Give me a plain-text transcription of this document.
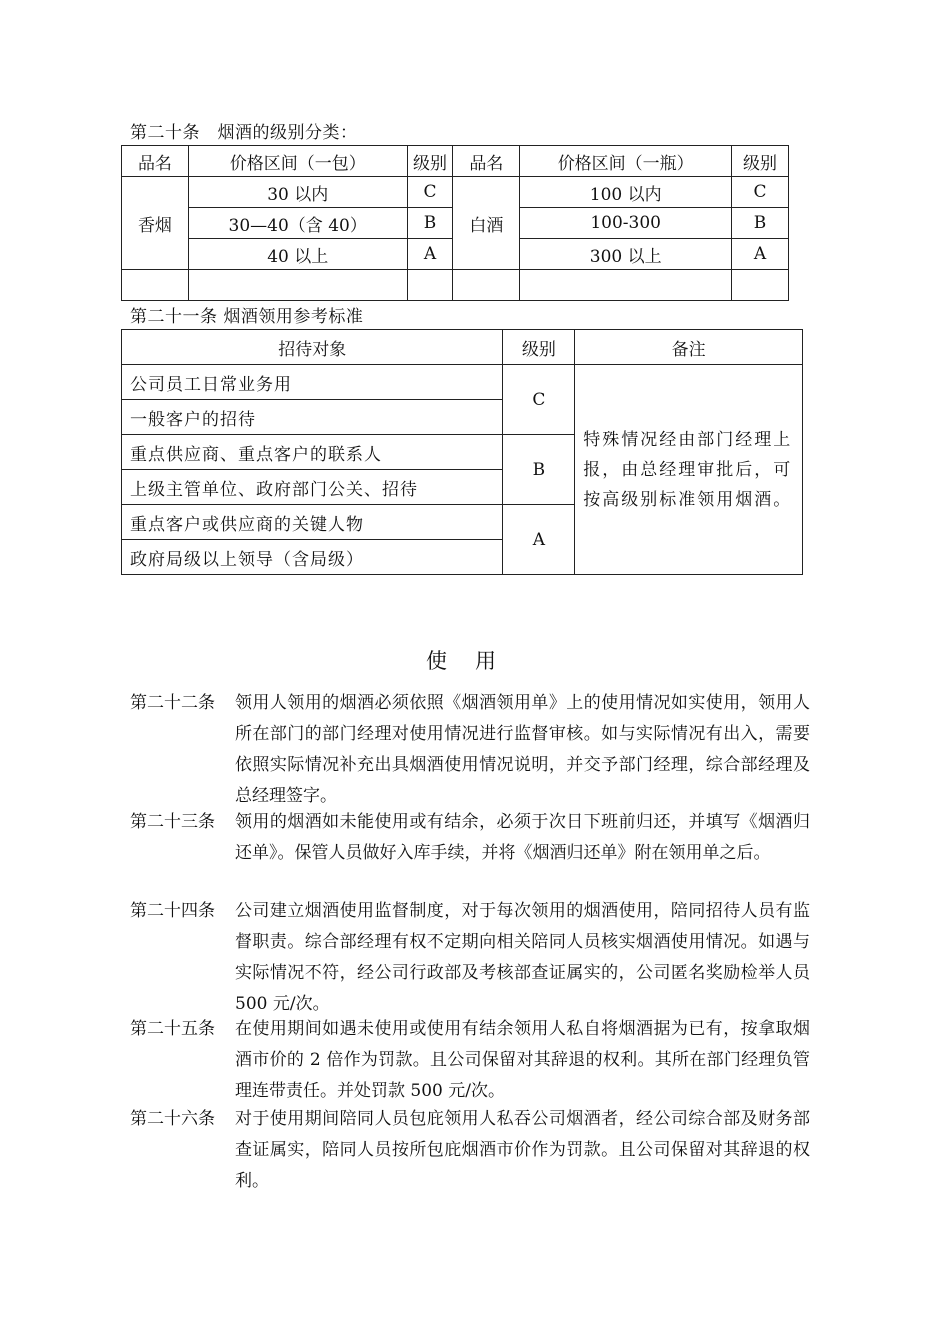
第二十条　烟酒的级别分类：
品名	价格区间（一包）	级别	品名	价格区间（一瓶）	级别
香烟	30 以内	C	白酒	100 以内	C
	30—40（含 40）	B		100-300	B
	40 以上	A		300 以上	A

第二十一条 烟酒领用参考标准
招待对象	级别	备注
公司员工日常业务用	C	特殊情况经由部门经理上报，由总经理审批后，可按高级别标准领用烟酒。
一般客户的招待		
重点供应商、重点客户的联系人	B	
上级主管单位、政府部门公关、招待		
重点客户或供应商的关键人物	A	
政府局级以上领导（含局级）		
使用
第二十二条 领用人领用的烟酒必须依照《烟酒领用单》上的使用情况如实使用，领用人所在部门的部门经理对使用情况进行监督审核。如与实际情况有出入，需要依照实际情况补充出具烟酒使用情况说明，并交予部门经理，综合部经理及总经理签字。
第二十三条 领用的烟酒如未能使用或有结余，必须于次日下班前归还，并填写《烟酒归还单》。保管人员做好入库手续，并将《烟酒归还单》附在领用单之后。
第二十四条 公司建立烟酒使用监督制度，对于每次领用的烟酒使用，陪同招待人员有监督职责。综合部经理有权不定期向相关陪同人员核实烟酒使用情况。如遇与实际情况不符，经公司行政部及考核部查证属实的，公司匿名奖励检举人员 500 元/次。
第二十五条 在使用期间如遇未使用或使用有结余领用人私自将烟酒据为已有，按拿取烟酒市价的 2 倍作为罚款。且公司保留对其辞退的权利。其所在部门经理负管理连带责任。并处罚款 500 元/次。
第二十六条 对于使用期间陪同人员包庇领用人私吞公司烟酒者，经公司综合部及财务部查证属实，陪同人员按所包庇烟酒市价作为罚款。且公司保留对其辞退的权利。
